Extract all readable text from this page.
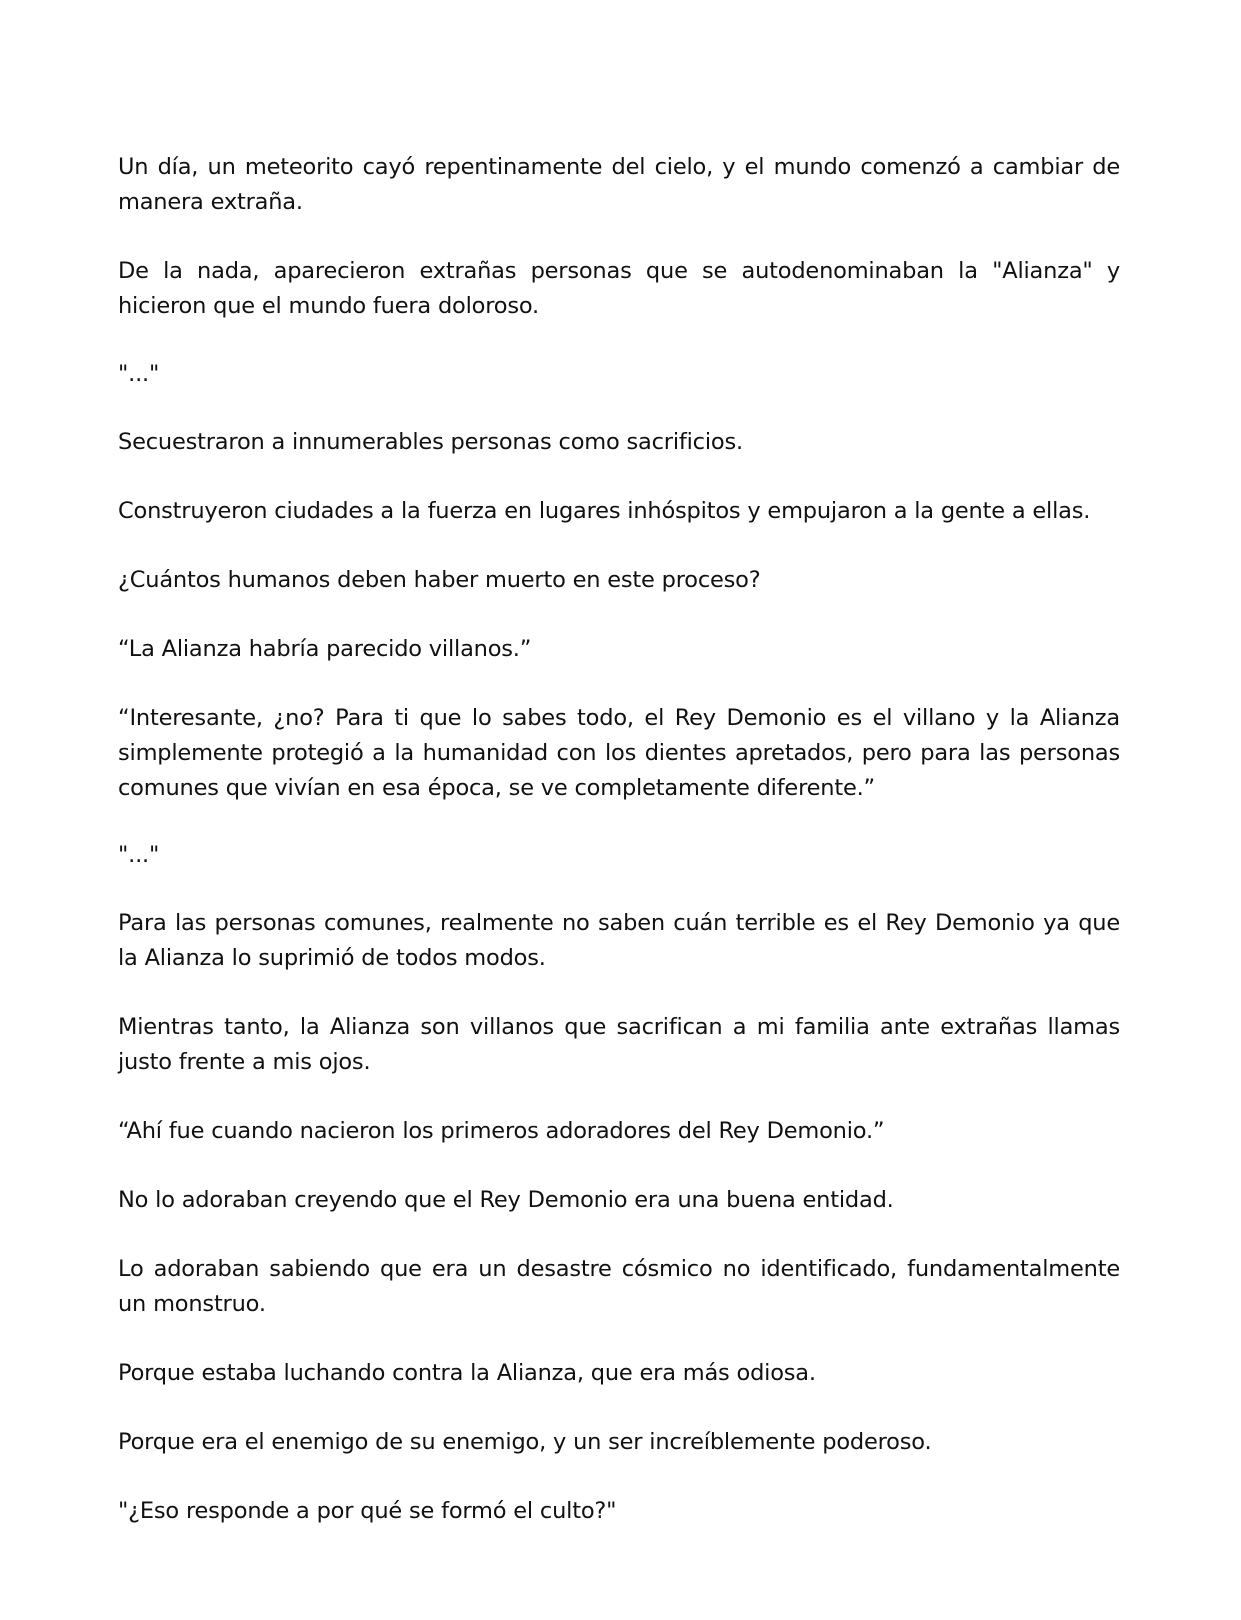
Un día, un meteorito cayó repentinamente del cielo, y el mundo comenzó a cambiar de manera extraña.

De la nada, aparecieron extrañas personas que se autodenominaban la "Alianza" y hicieron que el mundo fuera doloroso.

"..."

Secuestraron a innumerables personas como sacrificios.

Construyeron ciudades a la fuerza en lugares inhóspitos y empujaron a la gente a ellas.

¿Cuántos humanos deben haber muerto en este proceso?

“La Alianza habría parecido villanos.”

“Interesante, ¿no? Para ti que lo sabes todo, el Rey Demonio es el villano y la Alianza simplemente protegió a la humanidad con los dientes apretados, pero para las personas comunes que vivían en esa época, se ve completamente diferente.”

"..."

Para las personas comunes, realmente no saben cuán terrible es el Rey Demonio ya que la Alianza lo suprimió de todos modos.

Mientras tanto, la Alianza son villanos que sacrifican a mi familia ante extrañas llamas justo frente a mis ojos.

“Ahí fue cuando nacieron los primeros adoradores del Rey Demonio.”

No lo adoraban creyendo que el Rey Demonio era una buena entidad.

Lo adoraban sabiendo que era un desastre cósmico no identificado, fundamentalmente un monstruo.

Porque estaba luchando contra la Alianza, que era más odiosa.

Porque era el enemigo de su enemigo, y un ser increíblemente poderoso.

"¿Eso responde a por qué se formó el culto?"
